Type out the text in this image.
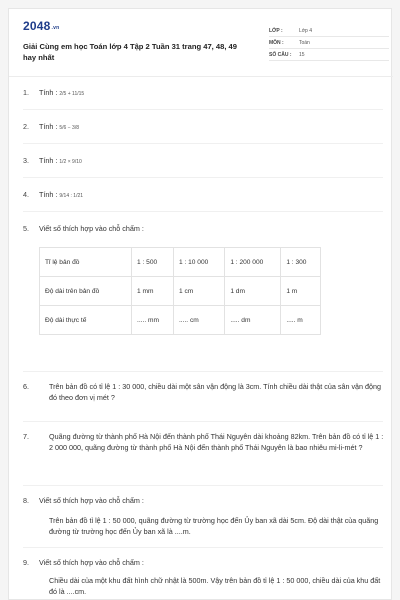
2048.vn
Giải Cùng em học Toán lớp 4 Tập 2 Tuần 31 trang 47, 48, 49 hay nhất
LỚP :	Lớp 4
MÔN :	Toán
SỐ CÂU :	15
1. Tính : 2/5 + 11/15
2. Tính : 5/6 − 3/8
3. Tính : 1/2 × 9/10
4. Tính : 9/14 : 1/21
5. Viết số thích hợp vào chỗ chấm :
Tỉ lệ bản đồ	1 : 500	1 : 10 000	1 : 200 000	1 : 300
Độ dài trên bản đồ	1 mm	1 cm	1 dm	1 m
Độ dài thực tế	..... mm	..... cm	..... dm	..... m
6.	Trên bản đồ có tỉ lệ 1 : 30 000, chiều dài một sân vận động là 3cm. Tính chiều dài thật của sân vận động đó theo đơn vị mét ?
7.	Quãng đường từ thành phố Hà Nội đến thành phố Thái Nguyên dài khoảng 82km. Trên bản đồ có tỉ lệ 1 : 2 000 000, quãng đường từ thành phố Hà Nội đến thành phố Thái Nguyên là bao nhiêu mi-li-mét ?
8. Viết số thích hợp vào chỗ chấm :
Trên bản đồ tỉ lệ 1 : 50 000, quãng đường từ trường học đến Ủy ban xã dài 5cm. Độ dài thật của quãng đường từ trường học đến Ủy ban xã là ....m.
9. Viết số thích hợp vào chỗ chấm :
Chiều dài của một khu đất hình chữ nhật là 500m. Vậy trên bản đồ tỉ lệ 1 : 50 000, chiều dài của khu đất đó là ....cm.
